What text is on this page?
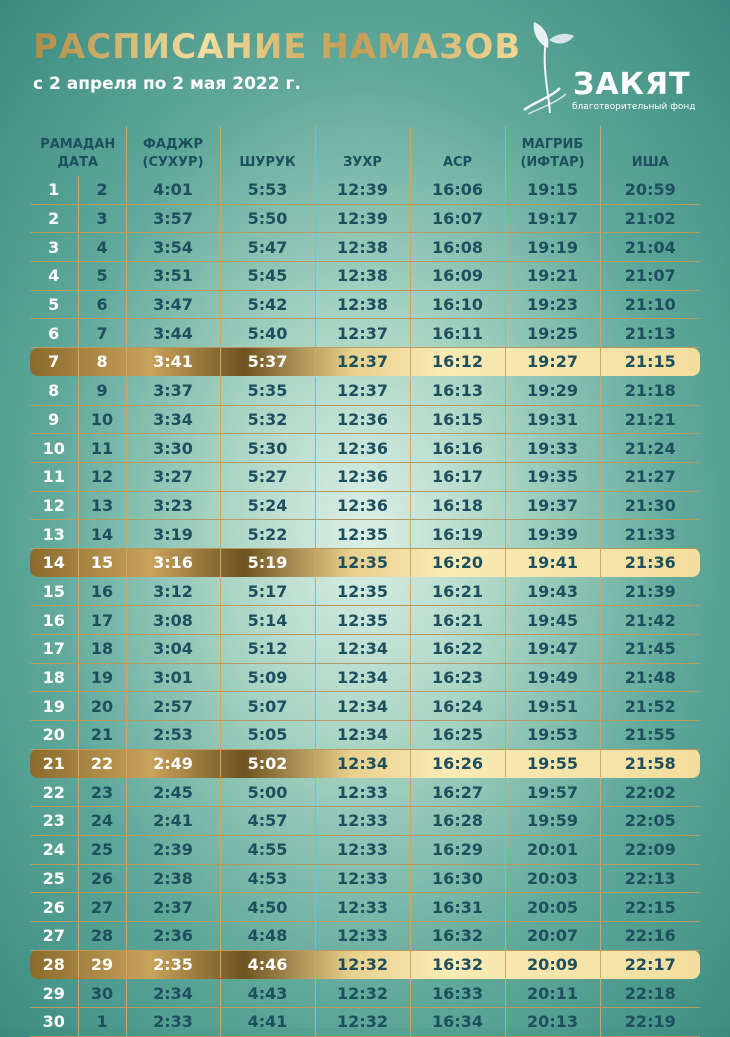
РАСПИСАНИЕ НАМАЗОВ

с 2 апреля по 2 мая 2022 г.	ЗАКЯТ
благотворительный фонд
РАМАДАН
ДАТА		ФАДЖР (СУХУР)	ШУРУК	ЗУХР	АСР	МАГРИБ (ИФТАР)	ИША
1	2	4:01	5:53	12:39	16:06	19:15	20:59
2	3	3:57	5:50	12:39	16:07	19:17	21:02
3	4	3:54	5:47	12:38	16:08	19:19	21:04
4	5	3:51	5:45	12:38	16:09	19:21	21:07
5	6	3:47	5:42	12:38	16:10	19:23	21:10
6	7	3:44	5:40	12:37	16:11	19:25	21:13
7	8	3:41	5:37	12:37	16:12	19:27	21:15
8	9	3:37	5:35	12:37	16:13	19:29	21:18
9	10	3:34	5:32	12:36	16:15	19:31	21:21
10	11	3:30	5:30	12:36	16:16	19:33	21:24
11	12	3:27	5:27	12:36	16:17	19:35	21:27
12	13	3:23	5:24	12:36	16:18	19:37	21:30
13	14	3:19	5:22	12:35	16:19	19:39	21:33
14	15	3:16	5:19	12:35	16:20	19:41	21:36
15	16	3:12	5:17	12:35	16:21	19:43	21:39
16	17	3:08	5:14	12:35	16:21	19:45	21:42
17	18	3:04	5:12	12:34	16:22	19:47	21:45
18	19	3:01	5:09	12:34	16:23	19:49	21:48
19	20	2:57	5:07	12:34	16:24	19:51	21:52
20	21	2:53	5:05	12:34	16:25	19:53	21:55
21	22	2:49	5:02	12:34	16:26	19:55	21:58
22	23	2:45	5:00	12:33	16:27	19:57	22:02
23	24	2:41	4:57	12:33	16:28	19:59	22:05
24	25	2:39	4:55	12:33	16:29	20:01	22:09
25	26	2:38	4:53	12:33	16:30	20:03	22:13
26	27	2:37	4:50	12:33	16:31	20:05	22:15
27	28	2:36	4:48	12:33	16:32	20:07	22:16
28	29	2:35	4:46	12:32	16:32	20:09	22:17
29	30	2:34	4:43	12:32	16:33	20:11	22:18
30	1	2:33	4:41	12:32	16:34	20:13	22:19
